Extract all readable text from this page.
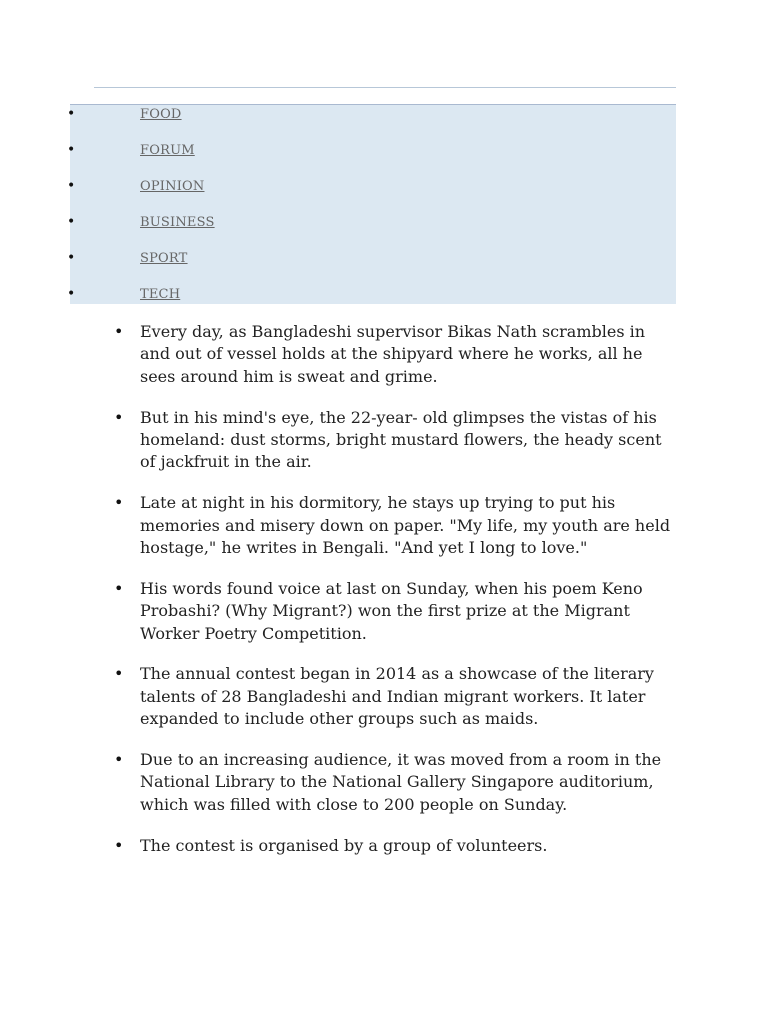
•	FOOD
•	FORUM
•	OPINION
•	BUSINESS
•	SPORT
•	TECH
• Every day, as Bangladeshi supervisor Bikas Nath scrambles in and out of vessel holds at the shipyard where he works, all he sees around him is sweat and grime.
• But in his mind's eye, the 22-year- old glimpses the vistas of his homeland: dust storms, bright mustard flowers, the heady scent of jackfruit in the air.
• Late at night in his dormitory, he stays up trying to put his memories and misery down on paper. "My life, my youth are held hostage," he writes in Bengali. "And yet I long to love."
• His words found voice at last on Sunday, when his poem Keno Probashi? (Why Migrant?) won the first prize at the Migrant Worker Poetry Competition.
• The annual contest began in 2014 as a showcase of the literary talents of 28 Bangladeshi and Indian migrant workers. It later expanded to include other groups such as maids.
• Due to an increasing audience, it was moved from a room in the National Library to the National Gallery Singapore auditorium, which was filled with close to 200 people on Sunday.
• The contest is organised by a group of volunteers.
